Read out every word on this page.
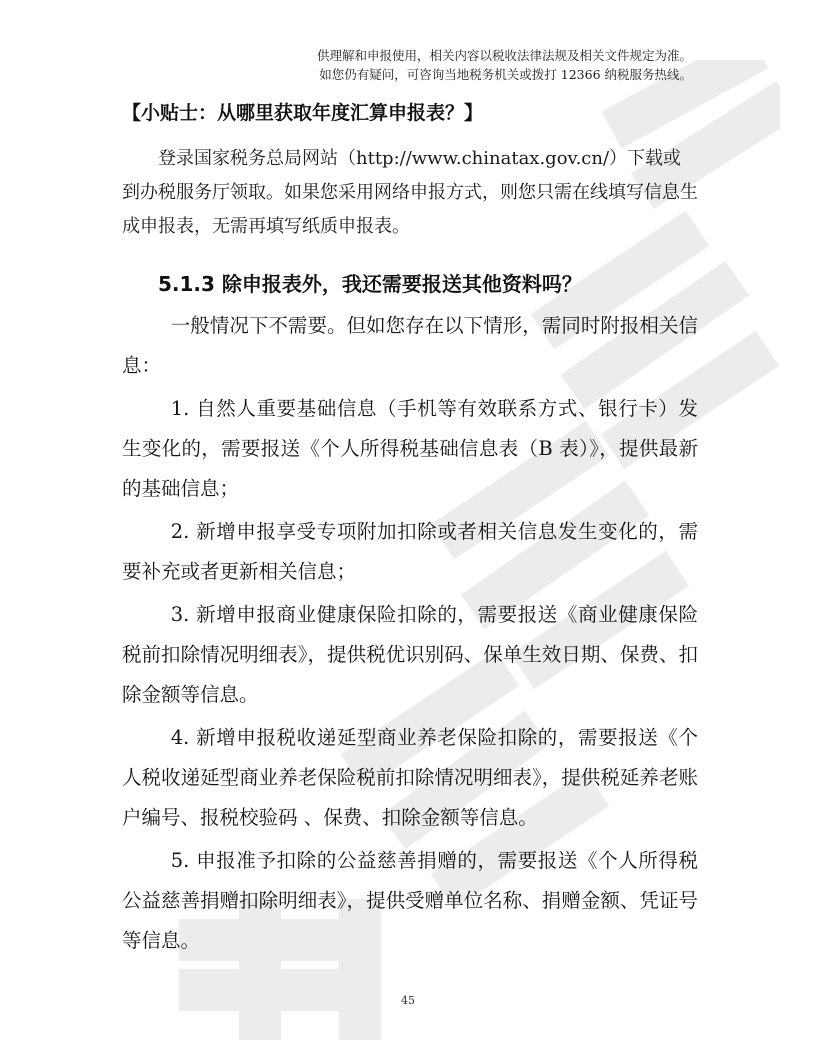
供理解和申报使用，相关内容以税收法律法规及相关文件规定为准。
如您仍有疑问，可咨询当地税务机关或拨打 12366 纳税服务热线。
【小贴士：从哪里获取年度汇算申报表？】
登录国家税务总局网站（http://www.chinatax.gov.cn/）下载或到办税服务厅领取。如果您采用网络申报方式，则您只需在线填写信息生成申报表，无需再填写纸质申报表。
5.1.3 除申报表外，我还需要报送其他资料吗？

一般情况下不需要。但如您存在以下情形，需同时附报相关信息：

1. 自然人重要基础信息（手机等有效联系方式、银行卡）发生变化的，需要报送《个人所得税基础信息表（B 表）》，提供最新的基础信息；

2. 新增申报享受专项附加扣除或者相关信息发生变化的，需要补充或者更新相关信息；

3. 新增申报商业健康保险扣除的，需要报送《商业健康保险税前扣除情况明细表》，提供税优识别码、保单生效日期、保费、扣除金额等信息。

4. 新增申报税收递延型商业养老保险扣除的，需要报送《个人税收递延型商业养老保险税前扣除情况明细表》，提供税延养老账户编号、报税校验码 、保费、扣除金额等信息。

5. 申报准予扣除的公益慈善捐赠的，需要报送《个人所得税公益慈善捐赠扣除明细表》，提供受赠单位名称、捐赠金额、凭证号等信息。

45
